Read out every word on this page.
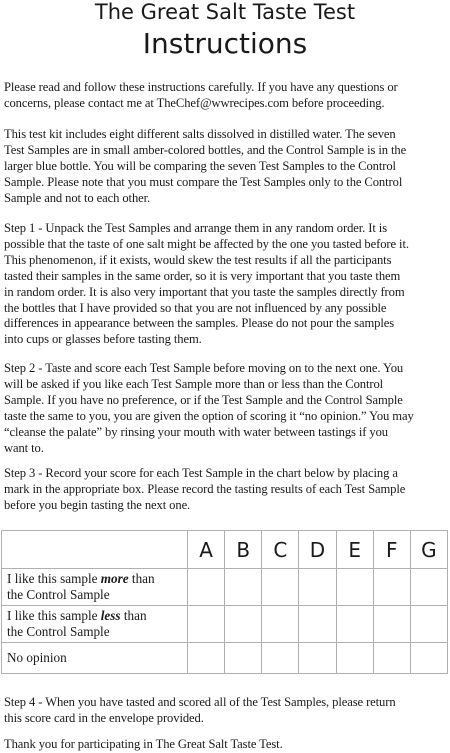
The Great Salt Taste Test
Instructions
Please read and follow these instructions carefully. If you have any questions or
concerns, please contact me at TheChef@wwrecipes.com before proceeding.
This test kit includes eight different salts dissolved in distilled water. The seven
Test Samples are in small amber-colored bottles, and the Control Sample is in the
larger blue bottle. You will be comparing the seven Test Samples to the Control
Sample. Please note that you must compare the Test Samples only to the Control
Sample and not to each other.
Step 1 - Unpack the Test Samples and arrange them in any random order. It is
possible that the taste of one salt might be affected by the one you tasted before it.
This phenomenon, if it exists, would skew the test results if all the participants
tasted their samples in the same order, so it is very important that you taste them
in random order. It is also very important that you taste the samples directly from
the bottles that I have provided so that you are not influenced by any possible
differences in appearance between the samples. Please do not pour the samples
into cups or glasses before tasting them.
Step 2 - Taste and score each Test Sample before moving on to the next one. You
will be asked if you like each Test Sample more than or less than the Control
Sample. If you have no preference, or if the Test Sample and the Control Sample
taste the same to you, you are given the option of scoring it “no opinion.” You may
“cleanse the palate” by rinsing your mouth with water between tastings if you
want to.
Step 3 - Record your score for each Test Sample in the chart below by placing a
mark in the appropriate box. Please record the tasting results of each Test Sample
before you begin tasting the next one.
	A	B	C	D	E	F	G
I like this sample more than
the Control Sample							
I like this sample less than
the Control Sample							
No opinion							
Step 4 - When you have tasted and scored all of the Test Samples, please return
this score card in the envelope provided.
Thank you for participating in The Great Salt Taste Test.
